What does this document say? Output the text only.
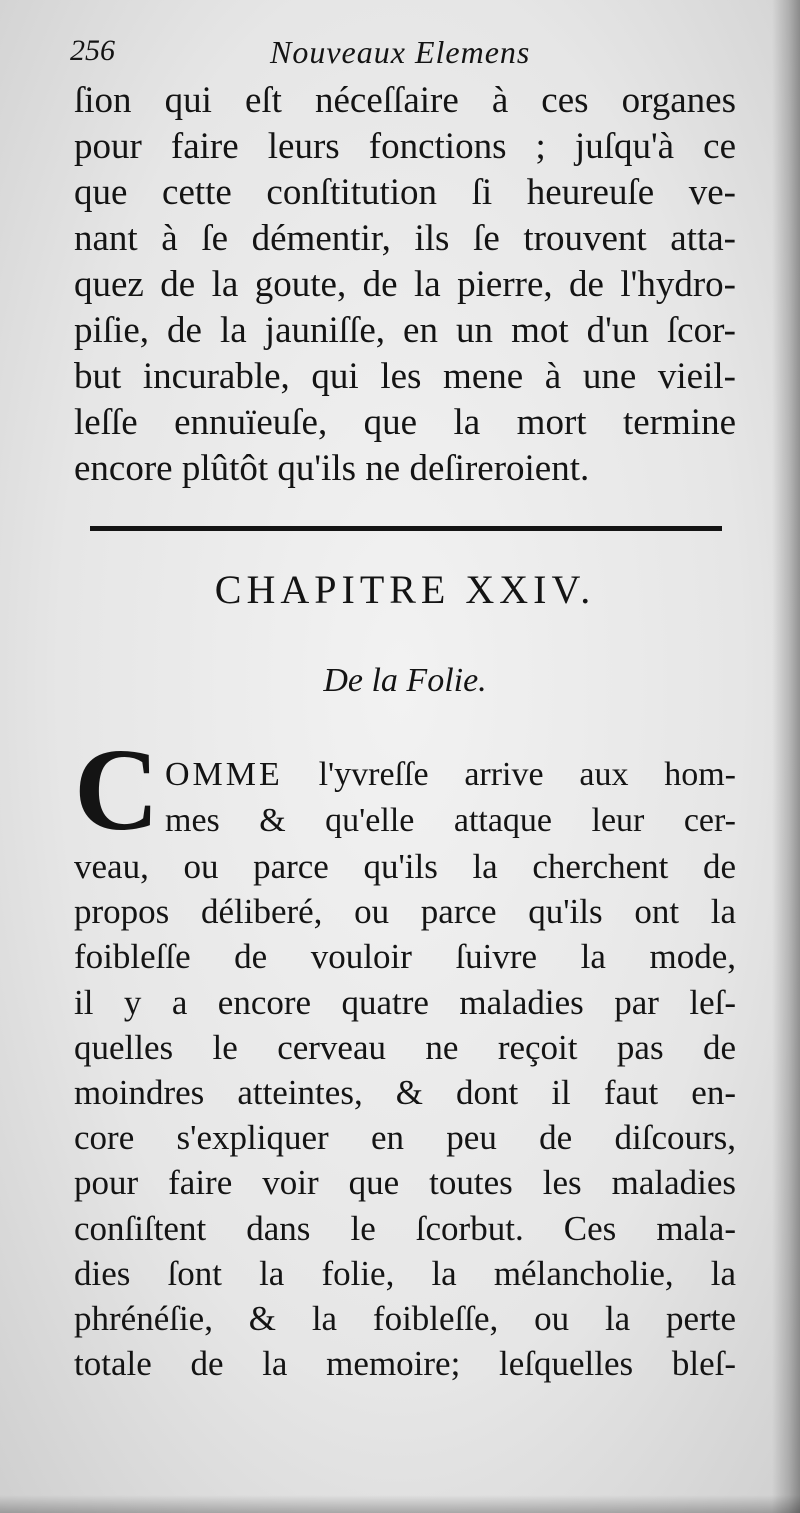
256	Nouveaux Elemens
ſion qui eſt néceſſaire à ces organes
pour faire leurs fonctions ; juſqu'à ce
que cette conſtitution ſi heureuſe ve-
nant à ſe démentir, ils ſe trouvent atta-
quez de la goute, de la pierre, de l'hydro-
piſie, de la jauniſſe, en un mot d'un ſcor-
but incurable, qui les mene à une vieil-
leſſe ennuïeuſe, que la mort termine
encore plûtôt qu'ils ne deſireroient.
CHAPITRE XXIV.
De la Folie.
C OMME l'yvreſſe arrive aux hom-
mes & qu'elle attaque leur cer-
veau, ou parce qu'ils la cherchent de
propos déliberé, ou parce qu'ils ont la
foibleſſe de vouloir ſuivre la mode,
il y a encore quatre maladies par leſ-
quelles le cerveau ne reçoit pas de
moindres atteintes, & dont il faut en-
core s'expliquer en peu de diſcours,
pour faire voir que toutes les maladies
conſiſtent dans le ſcorbut. Ces mala-
dies ſont la folie, la mélancholie, la
phrénéſie, & la foibleſſe, ou la perte
totale de la memoire; leſquelles bleſ-
